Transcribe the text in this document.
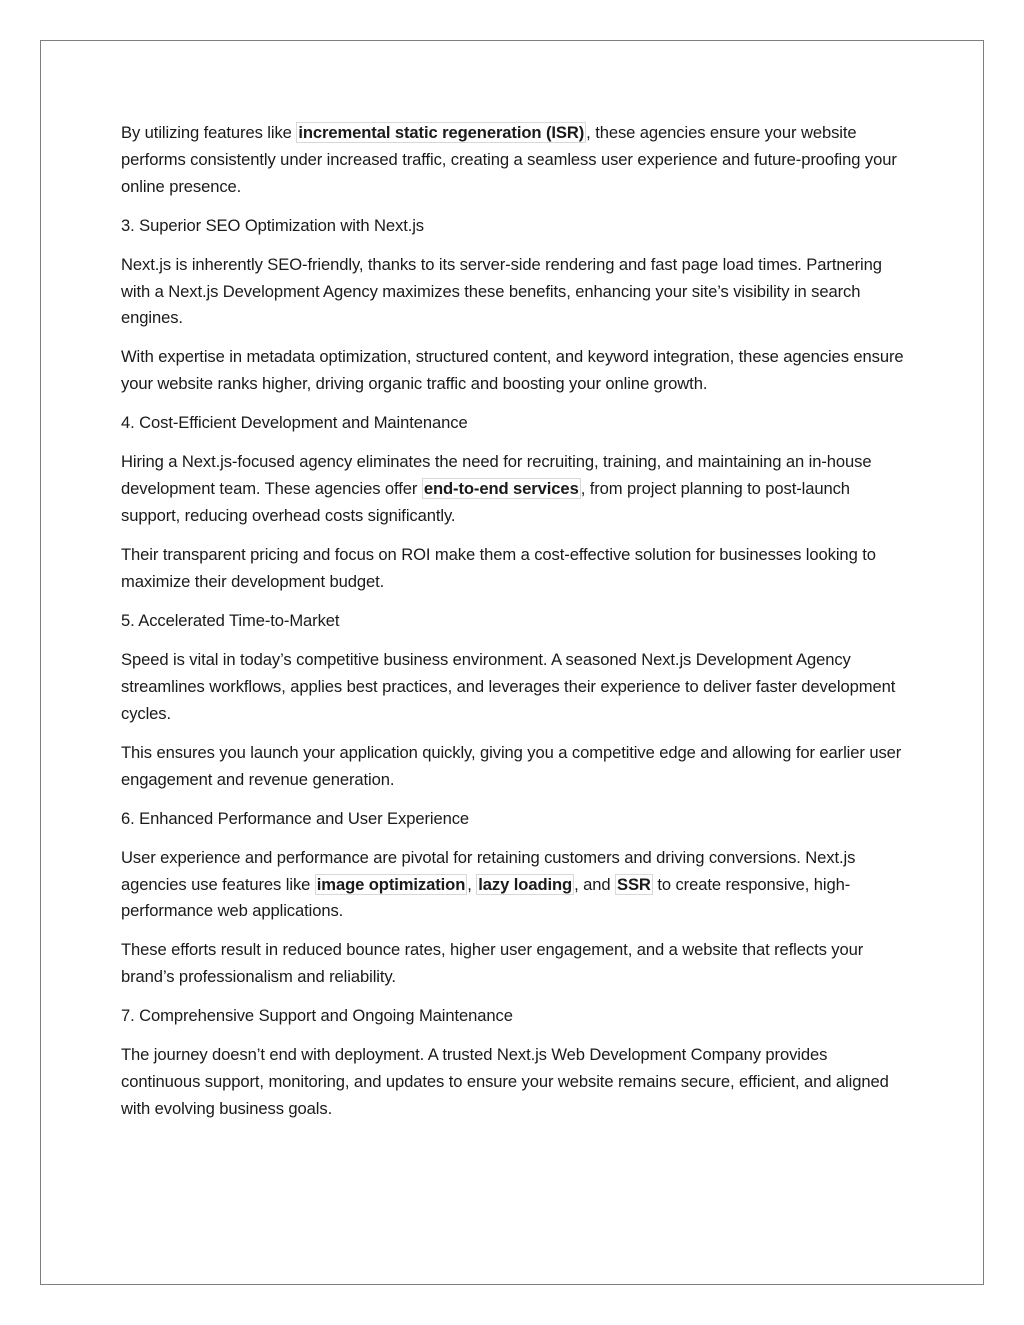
By utilizing features like incremental static regeneration (ISR) , these agencies ensure your website performs consistently under increased traffic, creating a seamless user experience and future-proofing your online presence.

3. Superior SEO Optimization with Next.js

Next.js is inherently SEO-friendly, thanks to its server-side rendering and fast page load times. Partnering with a Next.js Development Agency maximizes these benefits, enhancing your site’s visibility in search engines.

With expertise in metadata optimization, structured content, and keyword integration, these agencies ensure your website ranks higher, driving organic traffic and boosting your online growth.

4. Cost-Efficient Development and Maintenance

Hiring a Next.js-focused agency eliminates the need for recruiting, training, and maintaining an in-house development team. These agencies offer end-to-end services , from project planning to post-launch support, reducing overhead costs significantly.

Their transparent pricing and focus on ROI make them a cost-effective solution for businesses looking to maximize their development budget.

5. Accelerated Time-to-Market

Speed is vital in today’s competitive business environment. A seasoned Next.js Development Agency streamlines workflows, applies best practices, and leverages their experience to deliver faster development cycles.

This ensures you launch your application quickly, giving you a competitive edge and allowing for earlier user engagement and revenue generation.

6. Enhanced Performance and User Experience

User experience and performance are pivotal for retaining customers and driving conversions. Next.js agencies use features like image optimization , lazy loading , and SSR to create responsive, high-performance web applications.

These efforts result in reduced bounce rates, higher user engagement, and a website that reflects your brand’s professionalism and reliability.

7. Comprehensive Support and Ongoing Maintenance

The journey doesn’t end with deployment. A trusted Next.js Web Development Company provides continuous support, monitoring, and updates to ensure your website remains secure, efficient, and aligned with evolving business goals.
